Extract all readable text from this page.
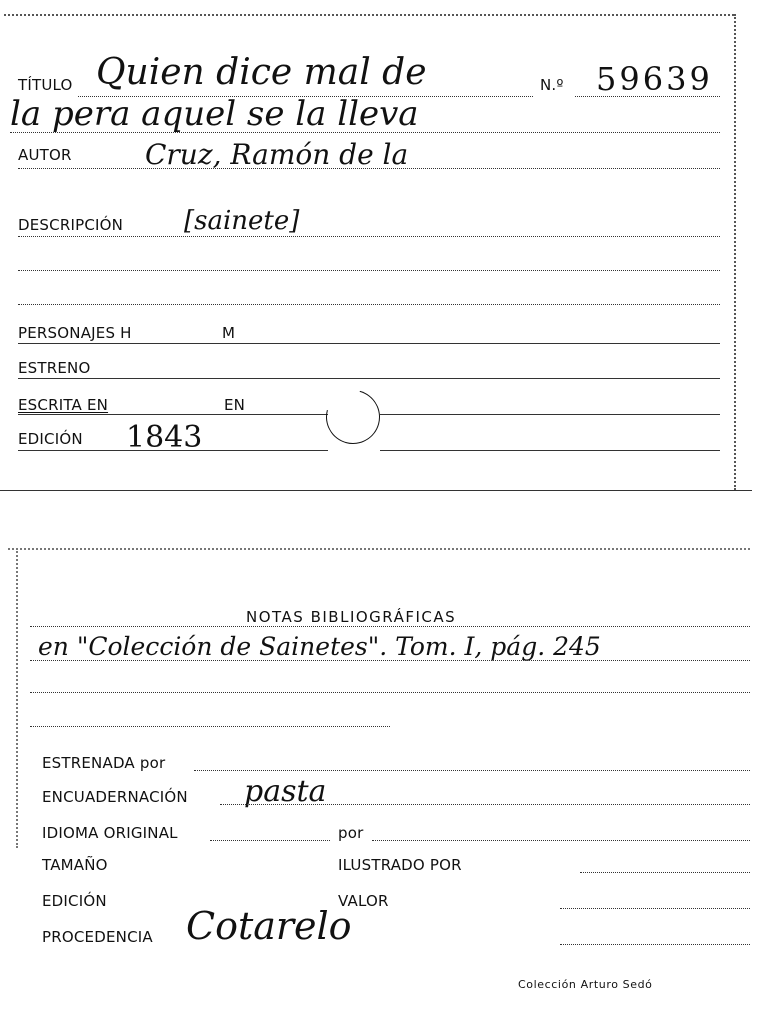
TÍTULO Quien dice mal de	N.º 59639
la pera aquel se la lleva
AUTOR	Cruz, Ramón de la
DESCRIPCIÓN [sainete]
PERSONAJES H	M
ESTRENO
ESCRITA EN	EN
EDICIÓN 1843
NOTAS BIBLIOGRÁFICAS
en "Colección de Sainetes". Tom. I, pág. 245
ESTRENADA por
ENCUADERNACIÓN pasta
IDIOMA ORIGINAL	por
TAMAÑO	ILUSTRADO POR
EDICIÓN	VALOR
PROCEDENCIA Cotarelo
Colección Arturo Sedó
